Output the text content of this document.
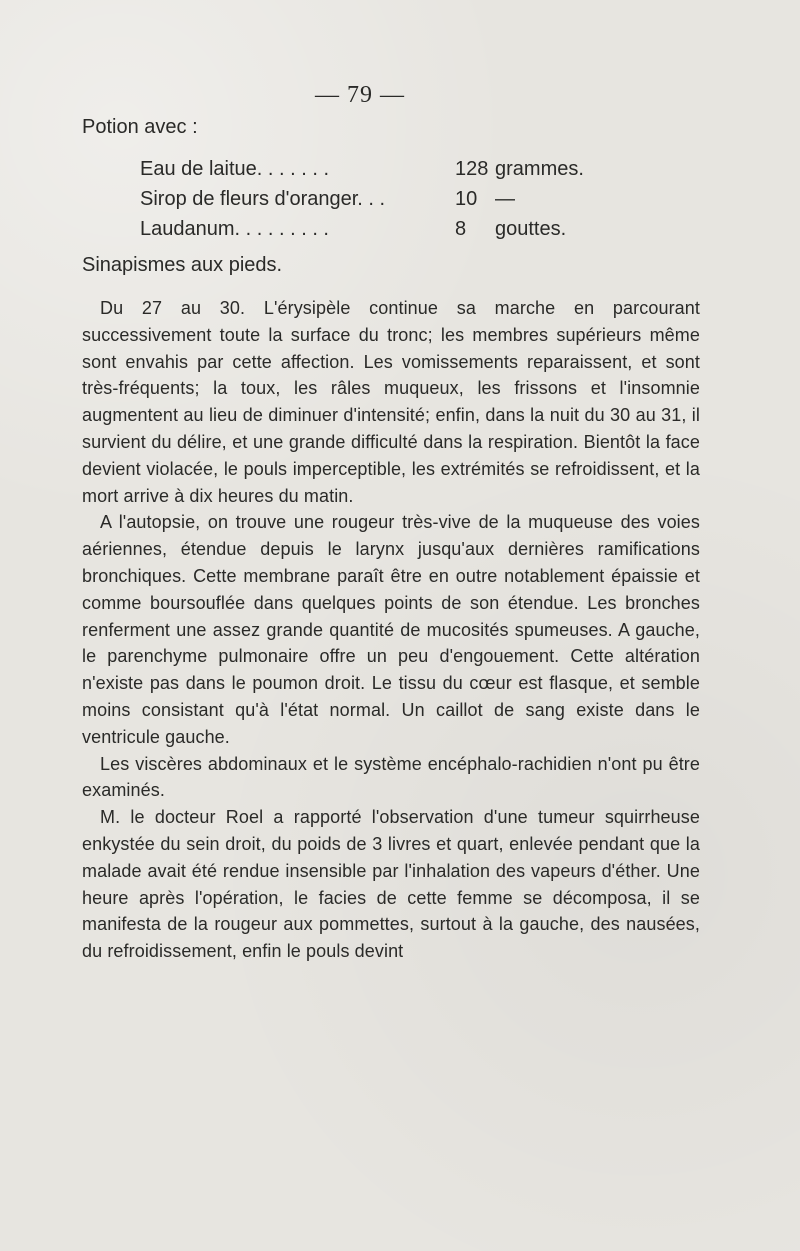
— 79 —
Potion avec :
Eau de laitue. . . . . . .	128 grammes.
Sirop de fleurs d'oranger. . .	10 —
Laudanum. . . . . . . . .	8 gouttes.
Sinapismes aux pieds.

Du 27 au 30. L'érysipèle continue sa marche en parcourant successivement toute la surface du tronc; les membres supérieurs même sont envahis par cette affection. Les vomissements reparaissent, et sont très-fréquents; la toux, les râles muqueux, les frissons et l'insomnie augmentent au lieu de diminuer d'intensité; enfin, dans la nuit du 30 au 31, il survient du délire, et une grande difficulté dans la respiration. Bientôt la face devient violacée, le pouls imperceptible, les extrémités se refroidissent, et la mort arrive à dix heures du matin.

A l'autopsie, on trouve une rougeur très-vive de la muqueuse des voies aériennes, étendue depuis le larynx jusqu'aux dernières ramifications bronchiques. Cette membrane paraît être en outre notablement épaissie et comme boursouflée dans quelques points de son étendue. Les bronches renferment une assez grande quantité de mucosités spumeuses. A gauche, le parenchyme pulmonaire offre un peu d'engouement. Cette altération n'existe pas dans le poumon droit. Le tissu du cœur est flasque, et semble moins consistant qu'à l'état normal. Un caillot de sang existe dans le ventricule gauche.

Les viscères abdominaux et le système encéphalo-rachidien n'ont pu être examinés.

M. le docteur Roel a rapporté l'observation d'une tumeur squirrheuse enkystée du sein droit, du poids de 3 livres et quart, enlevée pendant que la malade avait été rendue insensible par l'inhalation des vapeurs d'éther. Une heure après l'opération, le facies de cette femme se décomposa, il se manifesta de la rougeur aux pommettes, surtout à la gauche, des nausées, du refroidissement, enfin le pouls devint
